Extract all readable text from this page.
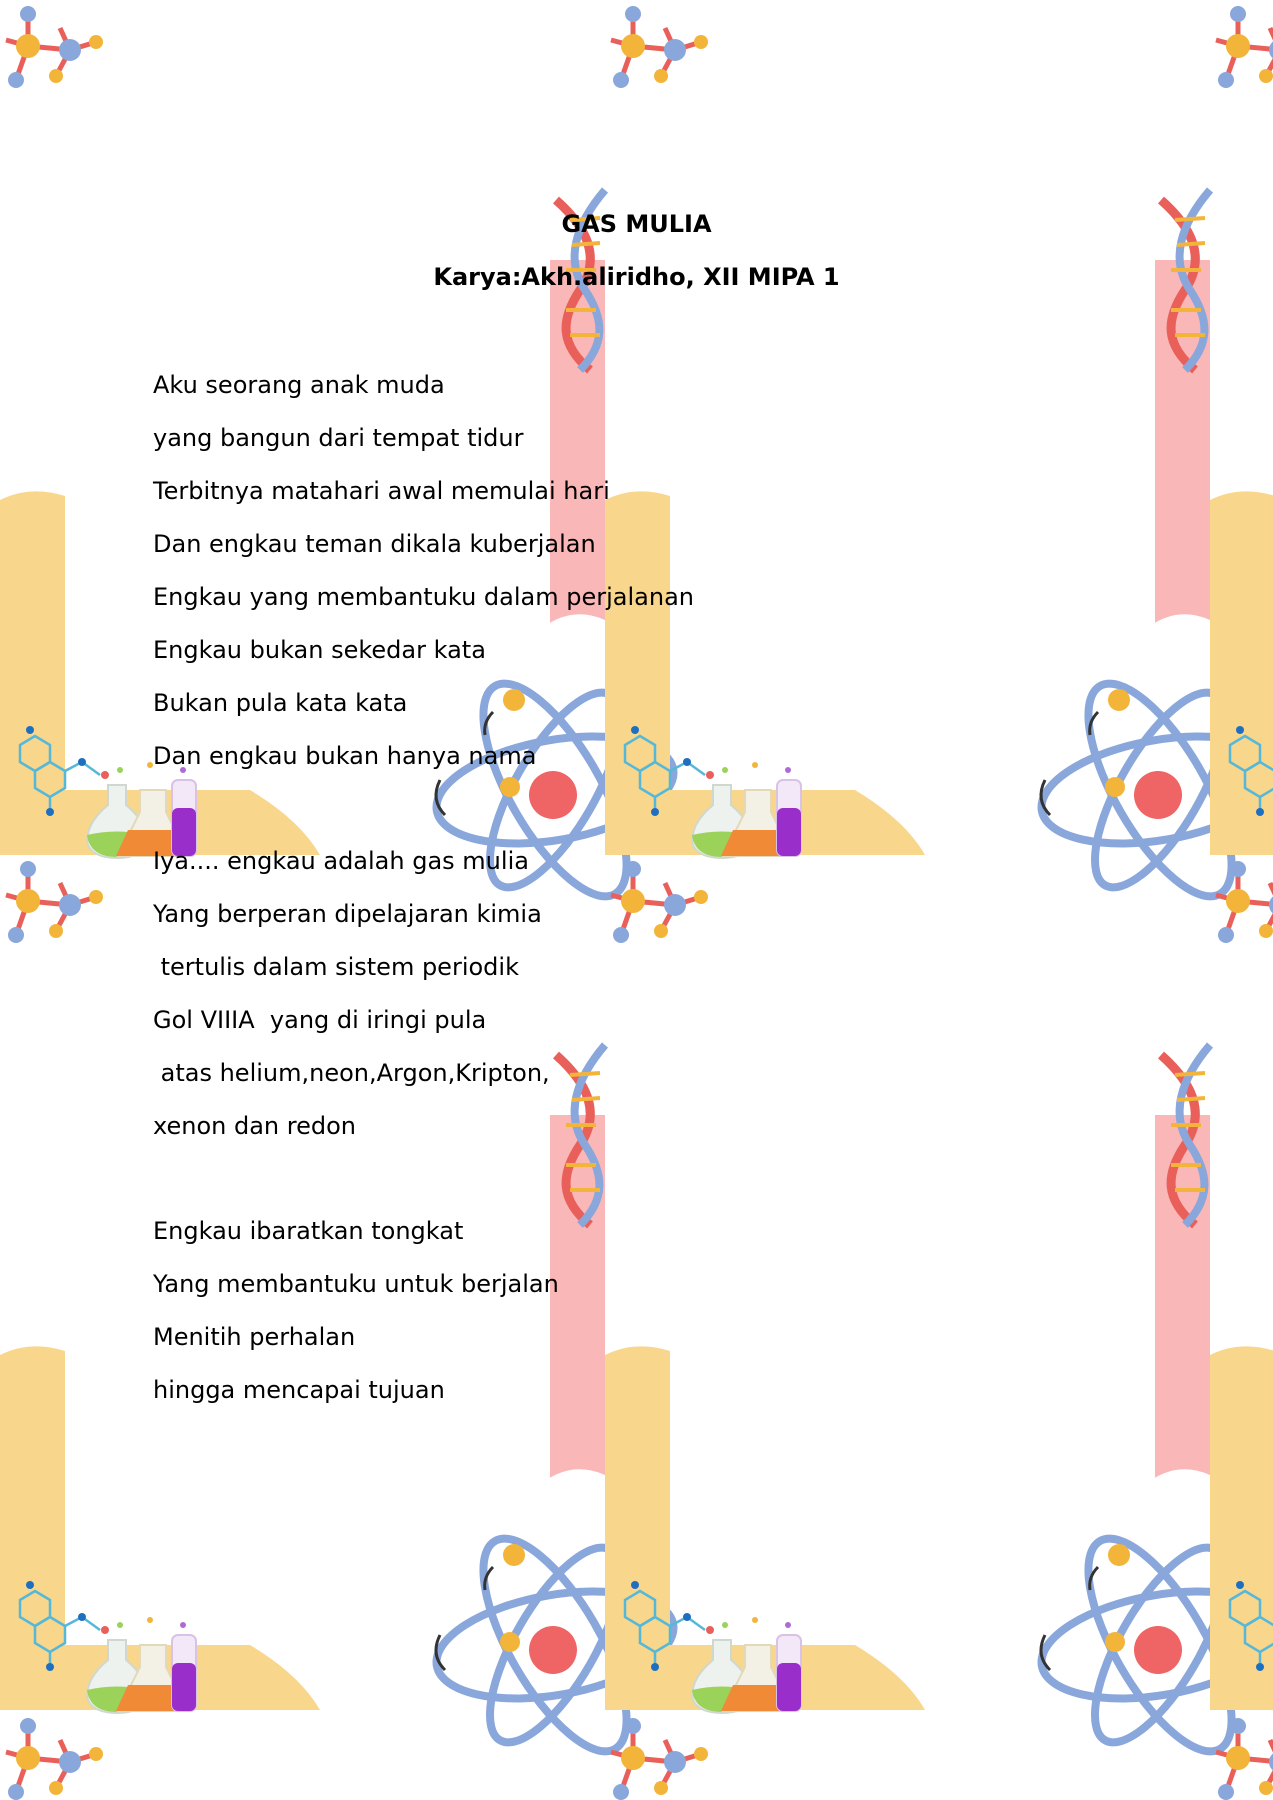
GAS MULIA
Karya:Akh.aliridho, XII MIPA 1
Aku seorang anak muda
yang bangun dari tempat tidur
Terbitnya matahari awal memulai hari
Dan engkau teman dikala kuberjalan
Engkau yang membantuku dalam perjalanan
Engkau bukan sekedar kata
Bukan pula kata kata
Dan engkau bukan hanya nama
Iya.... engkau adalah gas mulia
Yang berperan dipelajaran kimia
tertulis dalam sistem periodik
Gol VIIIA  yang di iringi pula
atas helium,neon,Argon,Kripton,
xenon dan redon
Engkau ibaratkan tongkat
Yang membantuku untuk berjalan
Menitih perhalan
hingga mencapai tujuan
